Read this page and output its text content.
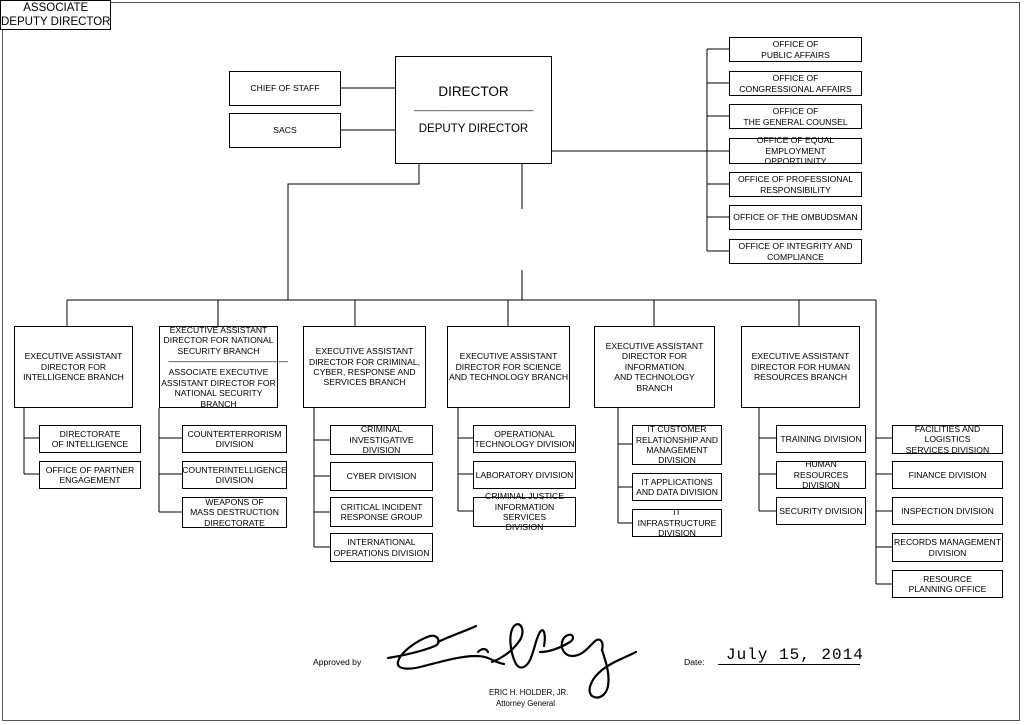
DIRECTOR
——————————————
DEPUTY DIRECTOR
CHIEF OF STAFF
SACS
OFFICE OF
PUBLIC AFFAIRS
OFFICE OF
CONGRESSIONAL AFFAIRS
OFFICE OF
THE GENERAL COUNSEL
OFFICE OF EQUAL EMPLOYMENT
OPPORTUNITY
OFFICE OF PROFESSIONAL
RESPONSIBILITY
OFFICE OF THE OMBUDSMAN
OFFICE OF INTEGRITY AND
COMPLIANCE
ASSOCIATE
DEPUTY DIRECTOR
EXECUTIVE ASSISTANT
DIRECTOR FOR
INTELLIGENCE BRANCH
EXECUTIVE ASSISTANT
DIRECTOR FOR NATIONAL
SECURITY BRANCH
——————————————
ASSOCIATE EXECUTIVE
ASSISTANT DIRECTOR FOR
NATIONAL SECURITY BRANCH
EXECUTIVE ASSISTANT
DIRECTOR FOR CRIMINAL,
CYBER, RESPONSE AND
SERVICES BRANCH
EXECUTIVE ASSISTANT
DIRECTOR FOR SCIENCE
AND TECHNOLOGY BRANCH
EXECUTIVE ASSISTANT
DIRECTOR FOR INFORMATION
AND TECHNOLOGY BRANCH
EXECUTIVE ASSISTANT
DIRECTOR FOR HUMAN
RESOURCES BRANCH
DIRECTORATE
OF INTELLIGENCE
OFFICE OF PARTNER
ENGAGEMENT
COUNTERTERRORISM
DIVISION
COUNTERINTELLIGENCE
DIVISION
WEAPONS OF
MASS DESTRUCTION
DIRECTORATE
CRIMINAL
INVESTIGATIVE DIVISION
CYBER DIVISION
CRITICAL INCIDENT
RESPONSE GROUP
INTERNATIONAL
OPERATIONS DIVISION
OPERATIONAL
TECHNOLOGY DIVISION
LABORATORY DIVISION
CRIMINAL JUSTICE
INFORMATION SERVICES
DIVISION
IT CUSTOMER
RELATIONSHIP AND
MANAGEMENT
DIVISION
IT APPLICATIONS
AND DATA DIVISION
IT INFRASTRUCTURE
DIVISION
TRAINING DIVISION
HUMAN RESOURCES
DIVISION
SECURITY DIVISION
FACILITIES AND LOGISTICS
SERVICES DIVISION
FINANCE DIVISION
INSPECTION DIVISION
RECORDS MANAGEMENT
DIVISION
RESOURCE
PLANNING OFFICE
Approved by
ERIC H. HOLDER, JR.
Attorney General
Date: July 15, 2014
